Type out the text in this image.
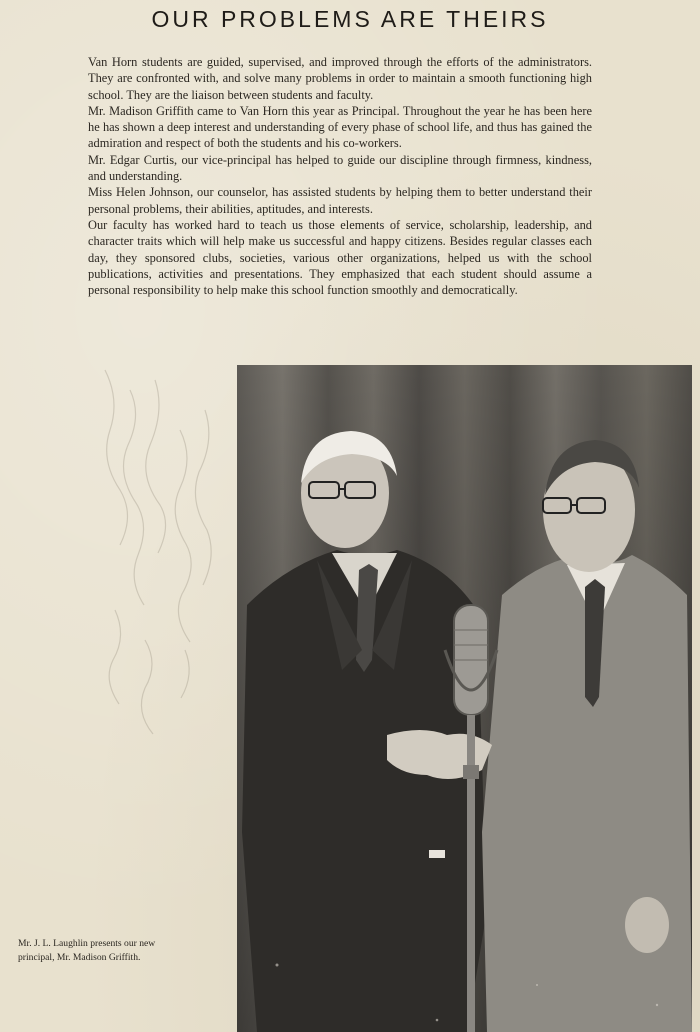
OUR PROBLEMS ARE THEIRS

Van Horn students are guided, supervised, and improved through the efforts of the administrators. They are confronted with, and solve many problems in order to maintain a smooth functioning high school. They are the liaison between students and faculty.

Mr. Madison Griffith came to Van Horn this year as Principal. Throughout the year he has been here he has shown a deep interest and understanding of every phase of school life, and thus has gained the admiration and respect of both the students and his co-workers.

Mr. Edgar Curtis, our vice-principal has helped to guide our discipline through firmness, kindness, and understanding.

Miss Helen Johnson, our counselor, has assisted students by helping them to better understand their personal problems, their abilities, aptitudes, and interests.

Our faculty has worked hard to teach us those elements of service, scholarship, leadership, and character traits which will help make us successful and happy citizens. Besides regular classes each day, they sponsored clubs, societies, various other organizations, helped us with the school publications, activities and presentations. They emphasized that each student should assume a personal responsibility to help make this school function smoothly and democratically.

Mr. J. L. Laughlin presents our new
principal, Mr. Madison Griffith.
